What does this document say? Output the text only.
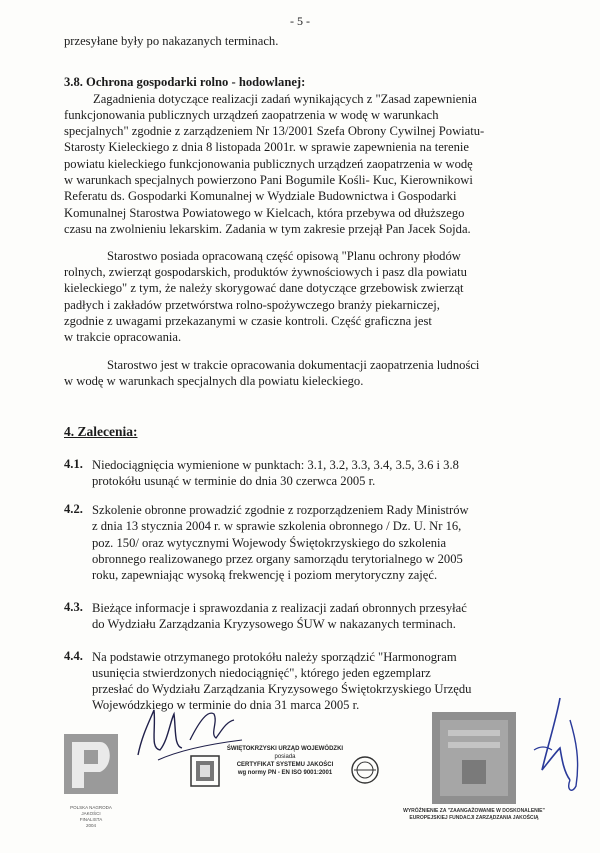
- 5 -
przesyłane były po nakazanych terminach.
3.8. Ochrona gospodarki rolno - hodowlanej:
Zagadnienia dotyczące realizacji zadań wynikających z "Zasad zapewnienia
funkcjonowania publicznych urządzeń zaopatrzenia w wodę w warunkach
specjalnych" zgodnie z zarządzeniem Nr 13/2001 Szefa Obrony Cywilnej Powiatu-
Starosty Kieleckiego z dnia 8 listopada 2001r. w sprawie zapewnienia na terenie
powiatu kieleckiego funkcjonowania publicznych urządzeń zaopatrzenia w wodę
w warunkach specjalnych powierzono Pani Bogumile Kośli- Kuc, Kierownikowi
Referatu ds. Gospodarki Komunalnej w Wydziale Budownictwa i Gospodarki
Komunalnej Starostwa Powiatowego w Kielcach, która przebywa od dłuższego
czasu na zwolnieniu lekarskim. Zadania w tym zakresie przejął Pan Jacek Sojda.
Starostwo posiada opracowaną część opisową "Planu ochrony płodów
rolnych, zwierząt gospodarskich, produktów żywnościowych i pasz dla powiatu
kieleckiego" z tym, że należy skorygować dane dotyczące grzebowisk zwierząt
padłych i zakładów przetwórstwa rolno-spożywczego branży piekarniczej,
zgodnie z uwagami przekazanymi w czasie kontroli. Część graficzna jest
w trakcie opracowania.
Starostwo jest w trakcie opracowania dokumentacji zaopatrzenia ludności
w wodę w warunkach specjalnych dla powiatu kieleckiego.
4. Zalecenia:
4.1. Niedociągnięcia wymienione w punktach: 3.1, 3.2, 3.3, 3.4, 3.5, 3.6 i 3.8
protokółu usunąć w terminie do dnia 30 czerwca 2005 r.
4.2. Szkolenie obronne prowadzić zgodnie z rozporządzeniem Rady Ministrów
z dnia 13 stycznia 2004 r. w sprawie szkolenia obronnego / Dz. U. Nr 16,
poz. 150/ oraz wytycznymi Wojewody Świętokrzyskiego do szkolenia
obronnego realizowanego przez organy samorządu terytorialnego w 2005
roku, zapewniając wysoką frekwencję i poziom merytoryczny zajęć.
4.3. Bieżące informacje i sprawozdania z realizacji zadań obronnych przesyłać
do Wydziału Zarządzania Kryzysowego ŚUW w nakazanych terminach.
4.4. Na podstawie otrzymanego protokółu należy sporządzić "Harmonogram
usunięcia stwierdzonych niedociągnięć", którego jeden egzemplarz
przesłać do Wydziału Zarządzania Kryzysowego Świętokrzyskiego Urzędu
Wojewódzkiego w terminie do dnia 31 marca 2005 r.
POLSKA NAGRODA JAKOŚCI
FINALISTA
2004
ŚWIĘTOKRZYSKI URZĄD WOJEWÓDZKI
posiada
CERTYFIKAT SYSTEMU JAKOŚCI
wg normy PN - EN ISO 9001:2001
WYRÓŻNIENIE ZA "ZAANGAŻOWANIE W DOSKONALENIE"
EUROPEJSKIEJ FUNDACJI ZARZĄDZANIA JAKOŚCIĄ
